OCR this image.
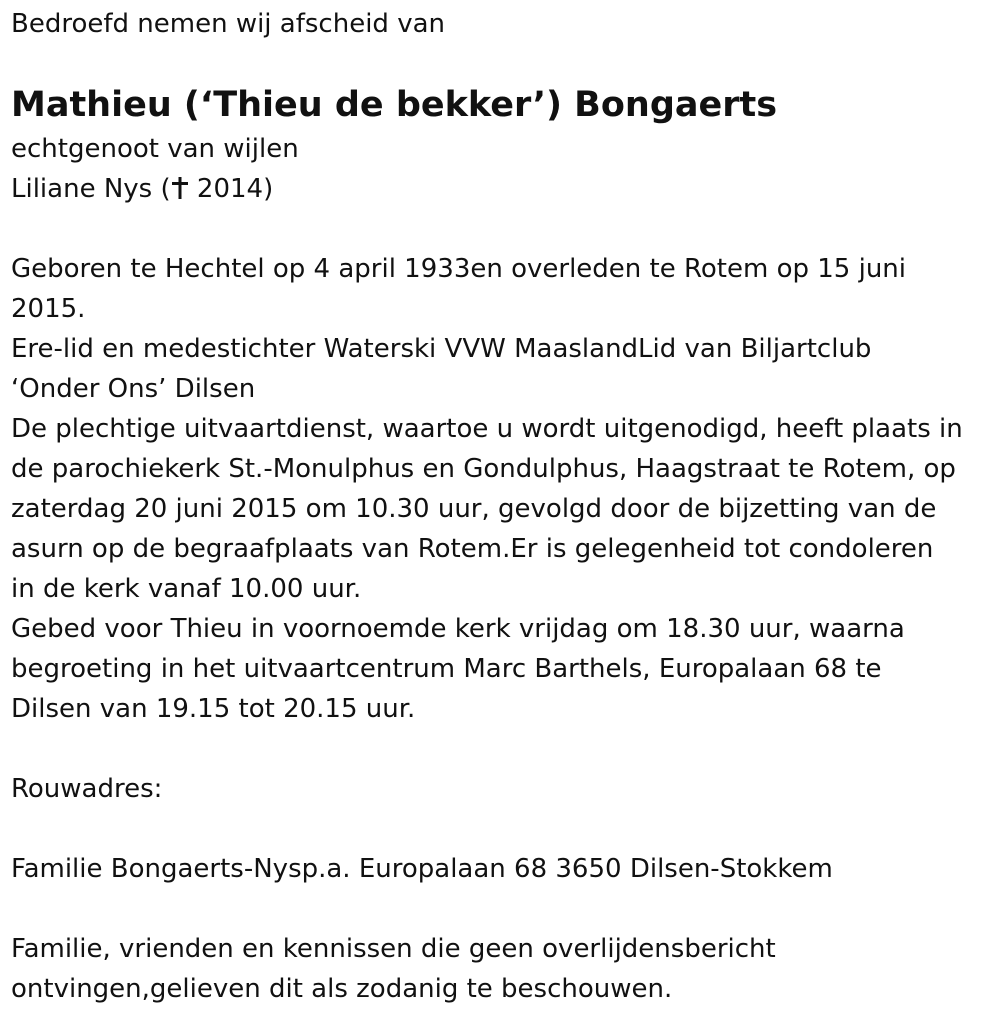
Bedroefd nemen wij afscheid van
Mathieu (‘Thieu de bekker’) Bongaerts
echtgenoot van wijlen
Liliane Nys ( 2014)
Geboren te Hechtel op 4 april 1933en overleden te Rotem op 15 juni
2015.
Ere-lid en medestichter Waterski VVW MaaslandLid van Biljartclub
‘Onder Ons’ Dilsen
De plechtige uitvaartdienst, waartoe u wordt uitgenodigd, heeft plaats in
de parochiekerk St.-Monulphus en Gondulphus, Haagstraat te Rotem, op
zaterdag 20 juni 2015 om 10.30 uur, gevolgd door de bijzetting van de
asurn op de begraafplaats van Rotem.Er is gelegenheid tot condoleren
in de kerk vanaf 10.00 uur.
Gebed voor Thieu in voornoemde kerk vrijdag om 18.30 uur, waarna
begroeting in het uitvaartcentrum Marc Barthels, Europalaan 68 te
Dilsen van 19.15 tot 20.15 uur.
Rouwadres:
Familie Bongaerts-Nysp.a. Europalaan 68 3650 Dilsen-Stokkem
Familie, vrienden en kennissen die geen overlijdensbericht
ontvingen,gelieven dit als zodanig te beschouwen.
